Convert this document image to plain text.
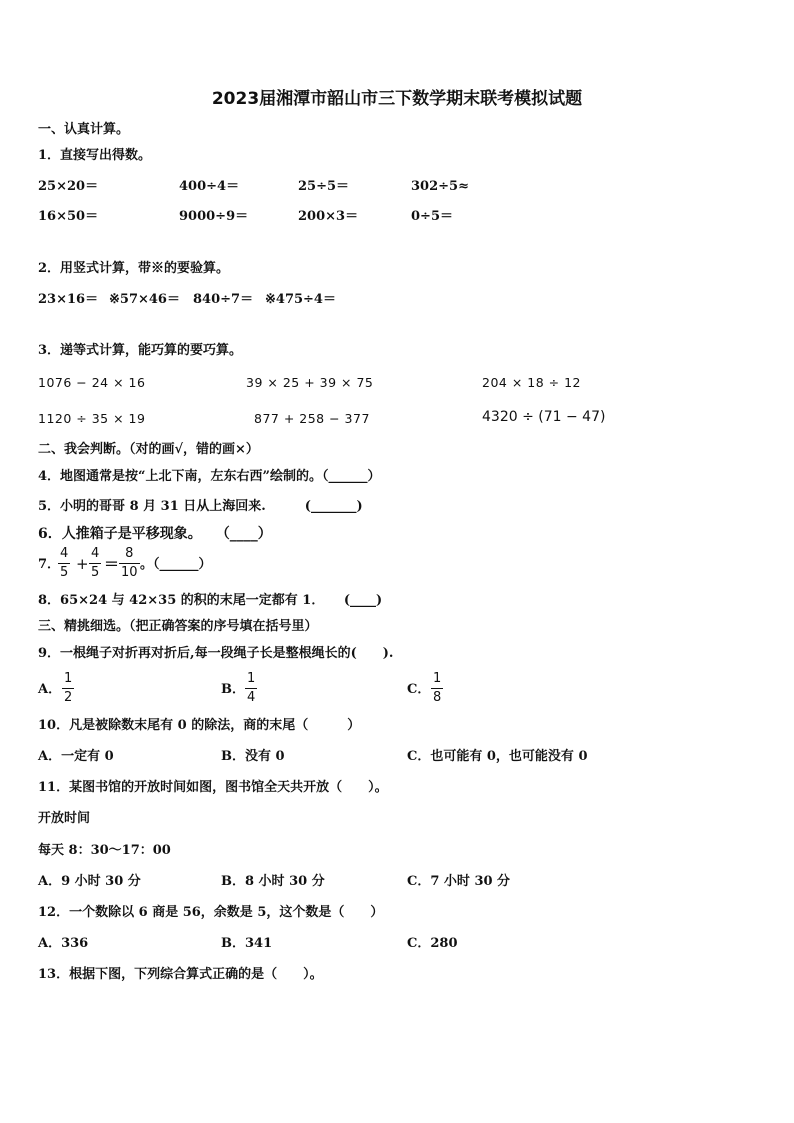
2023届湘潭市韶山市三下数学期末联考模拟试题
一、认真计算。
1．直接写出得数。
25×20＝	400÷4＝	25÷5＝	302÷5≈
16×50＝	9000÷9＝	200×3＝	0÷5＝
2．用竖式计算，带※的要验算。
23×16＝ ※57×46＝ 840÷7＝ ※475÷4＝
3．递等式计算，能巧算的要巧算。
1076 − 24 × 16	39 × 25 + 39 × 75	204 × 18 ÷ 12
1120 ÷ 35 × 19	877 + 258 − 377	4320 ÷ (71 − 47)
二、我会判断。（对的画√，错的画×）
4．地图通常是按“上北下南，左东右西”绘制的。（______）
5．小明的哥哥 8 月 31 日从上海回来.　　　(_______)
6．人推箱子是平移现象。　　（____）
7．
4
5 +
4
5 ＝
8
10
。（______）
8．65×24 与 42×35 的积的末尾一定都有 1．　　(____)
三、精挑细选。（把正确答案的序号填在括号里）
9．一根绳子对折再对折后,每一段绳子长是整根绳长的(　　).
A．
1
2
B．
1
4
C．
1
8
10．凡是被除数末尾有 0 的除法，商的末尾（　　　）
A．一定有 0	B．没有 0	C．也可能有 0，也可能没有 0
11．某图书馆的开放时间如图，图书馆全天共开放（　　）。
开放时间
每天 8：30～17：00
A．9 小时 30 分	B．8 小时 30 分	C．7 小时 30 分
12．一个数除以 6 商是 56，余数是 5，这个数是（　　）
A．336	B．341	C．280
13．根据下图，下列综合算式正确的是（　　）。
